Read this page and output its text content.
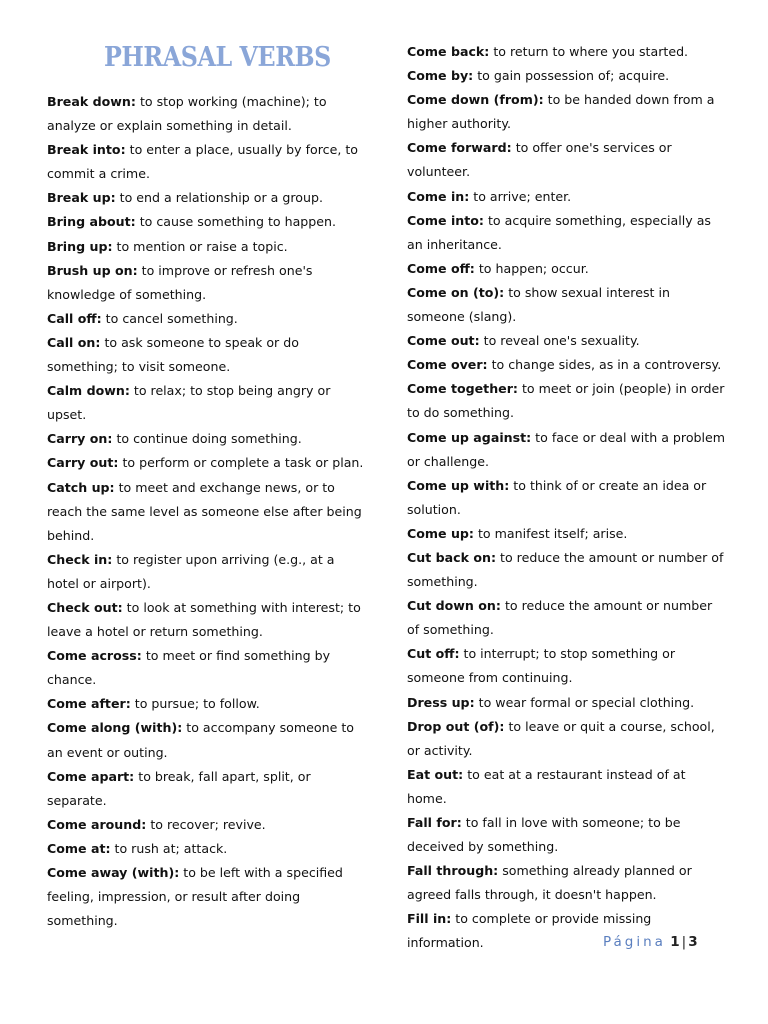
PHRASAL VERBS

Break down: to stop working (machine); to analyze or explain something in detail.

Break into: to enter a place, usually by force, to commit a crime.

Break up: to end a relationship or a group.

Bring about: to cause something to happen.

Bring up: to mention or raise a topic.

Brush up on: to improve or refresh one's knowledge of something.

Call off: to cancel something.

Call on: to ask someone to speak or do something; to visit someone.

Calm down: to relax; to stop being angry or upset.

Carry on: to continue doing something.

Carry out: to perform or complete a task or plan.

Catch up: to meet and exchange news, or to reach the same level as someone else after being behind.

Check in: to register upon arriving (e.g., at a hotel or airport).

Check out: to look at something with interest; to leave a hotel or return something.

Come across: to meet or find something by chance.

Come after: to pursue; to follow.

Come along (with): to accompany someone to an event or outing.

Come apart: to break, fall apart, split, or separate.

Come around: to recover; revive.

Come at: to rush at; attack.

Come away (with): to be left with a specified feeling, impression, or result after doing something.

Come back: to return to where you started.

Come by: to gain possession of; acquire.

Come down (from): to be handed down from a higher authority.

Come forward: to offer one's services or volunteer.

Come in: to arrive; enter.

Come into: to acquire something, especially as an inheritance.

Come off: to happen; occur.

Come on (to): to show sexual interest in someone (slang).

Come out: to reveal one's sexuality.

Come over: to change sides, as in a controversy.

Come together: to meet or join (people) in order to do something.

Come up against: to face or deal with a problem or challenge.

Come up with: to think of or create an idea or solution.

Come up: to manifest itself; arise.

Cut back on: to reduce the amount or number of something.

Cut down on: to reduce the amount or number of something.

Cut off: to interrupt; to stop something or someone from continuing.

Dress up: to wear formal or special clothing.

Drop out (of): to leave or quit a course, school, or activity.

Eat out: to eat at a restaurant instead of at home.

Fall for: to fall in love with someone; to be deceived by something.

Fall through: something already planned or agreed falls through, it doesn't happen.

Fill in: to complete or provide missing information.	Página 1 | 3
